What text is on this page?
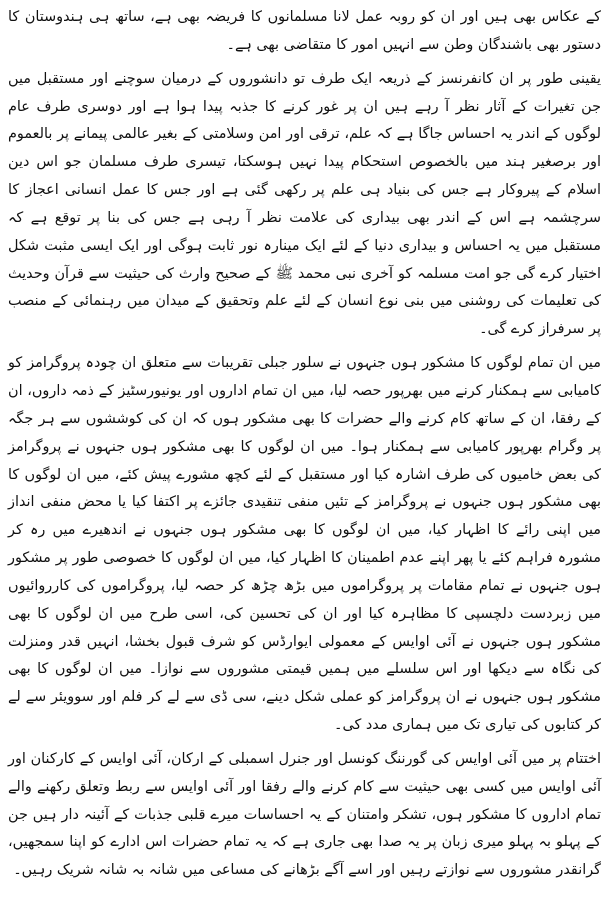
کے عکاس بھی ہیں اور ان کو روبہ عمل لانا مسلمانوں کا فریضہ بھی ہے، ساتھ ہی ہندوستان کا دستور بھی باشندگان وطن سے انہیں امور کا متقاضی بھی ہے۔

یقینی طور پر ان کانفرنسز کے ذریعہ ایک طرف تو دانشوروں کے درمیان سوچنے اور مستقبل میں جن تغیرات کے آثار نظر آ رہے ہیں ان پر غور کرنے کا جذبہ پیدا ہوا ہے اور دوسری طرف عام لوگوں کے اندر یہ احساس جاگا ہے کہ علم، ترقی اور امن وسلامتی کے بغیر عالمی پیمانے پر بالعموم اور برصغیر ہند میں بالخصوص استحکام پیدا نہیں ہوسکتا، تیسری طرف مسلمان جو اس دین اسلام کے پیروکار ہے جس کی بنیاد ہی علم پر رکھی گئی ہے اور جس کا عمل انسانی اعجاز کا سرچشمہ ہے اس کے اندر بھی بیداری کی علامت نظر آ رہی ہے جس کی بنا پر توقع ہے کہ مستقبل میں یہ احساس و بیداری دنیا کے لئے ایک مینارہ نور ثابت ہوگی اور ایک ایسی مثبت شکل اختیار کرے گی جو امت مسلمہ کو آخری نبی محمد ﷺ کے صحیح وارث کی حیثیت سے قرآن وحدیث کی تعلیمات کی روشنی میں بنی نوع انسان کے لئے علم وتحقیق کے میدان میں رہنمائی کے منصب پر سرفراز کرے گی۔

میں ان تمام لوگوں کا مشکور ہوں جنہوں نے سلور جبلی تقریبات سے متعلق ان چودہ پروگرامز کو کامیابی سے ہمکنار کرنے میں بھرپور حصہ لیا، میں ان تمام اداروں اور یونیورسٹیز کے ذمہ داروں، ان کے رفقا، ان کے ساتھ کام کرنے والے حضرات کا بھی مشکور ہوں کہ ان کی کوششوں سے ہر جگہ پر وگرام بھرپور کامیابی سے ہمکنار ہوا۔ میں ان لوگوں کا بھی مشکور ہوں جنہوں نے پروگرامز کی بعض خامیوں کی طرف اشارہ کیا اور مستقبل کے لئے کچھ مشورے پیش کئے، میں ان لوگوں کا بھی مشکور ہوں جنہوں نے پروگرامز کے تئیں منفی تنقیدی جائزے پر اکتفا کیا یا محض منفی انداز میں اپنی رائے کا اظہار کیا، میں ان لوگوں کا بھی مشکور ہوں جنہوں نے اندھیرے میں رہ کر مشورہ فراہم کئے یا پھر اپنے عدم اطمینان کا اظہار کیا، میں ان لوگوں کا خصوصی طور پر مشکور ہوں جنہوں نے تمام مقامات پر پروگراموں میں بڑھ چڑھ کر حصہ لیا، پروگراموں کی کارروائیوں میں زبردست دلچسپی کا مظاہرہ کیا اور ان کی تحسین کی، اسی طرح میں ان لوگوں کا بھی مشکور ہوں جنہوں نے آئی اوایس کے معمولی ایوارڈس کو شرف قبول بخشا، انہیں قدر ومنزلت کی نگاہ سے دیکھا اور اس سلسلے میں ہمیں قیمتی مشوروں سے نوازا۔ میں ان لوگوں کا بھی مشکور ہوں جنہوں نے ان پروگرامز کو عملی شکل دینے، سی ڈی سے لے کر فلم اور سوویئر سے لے کر کتابوں کی تیاری تک میں ہماری مدد کی۔

اختتام پر میں آئی اوایس کی گورننگ کونسل اور جنرل اسمبلی کے ارکان، آئی اوایس کے کارکنان اور آئی اوایس میں کسی بھی حیثیت سے کام کرنے والے رفقا اور آئی اوایس سے ربط وتعلق رکھنے والے تمام اداروں کا مشکور ہوں، تشکر وامتنان کے یہ احساسات میرے قلبی جذبات کے آئینہ دار ہیں جن کے پہلو بہ پہلو میری زبان پر یہ صدا بھی جاری ہے کہ یہ تمام حضرات اس ادارے کو اپنا سمجھیں، گرانقدر مشوروں سے نوازتے رہیں اور اسے آگے بڑھانے کی مساعی میں شانہ بہ شانہ شریک رہیں۔
